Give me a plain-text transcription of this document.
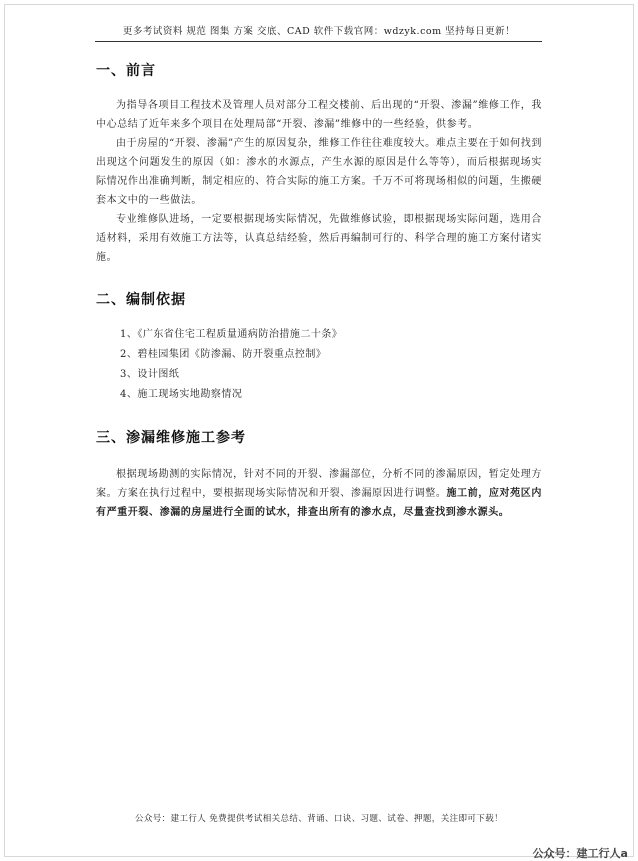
更多考试资料 规范 图集 方案 交底、CAD 软件下载官网：wdzyk.com 坚持每日更新！
一、前言

为指导各项目工程技术及管理人员对部分工程交楼前、后出现的“开裂、渗漏”维修工作，我中心总结了近年来多个项目在处理局部“开裂、渗漏”维修中的一些经验，供参考。

由于房屋的“开裂、渗漏”产生的原因复杂，维修工作往往难度较大。难点主要在于如何找到出现这个问题发生的原因（如：渗水的水源点，产生水源的原因是什么等等），而后根据现场实际情况作出准确判断，制定相应的、符合实际的施工方案。千万不可将现场相似的问题，生搬硬套本文中的一些做法。

专业维修队进场，一定要根据现场实际情况，先做维修试验，即根据现场实际问题，选用合适材料，采用有效施工方法等，认真总结经验，然后再编制可行的、科学合理的施工方案付诸实施。

二、编制依据
1、《广东省住宅工程质量通病防治措施二十条》
2、碧桂园集团《防渗漏、防开裂重点控制》
3、设计图纸
4、施工现场实地勘察情况
三、渗漏维修施工参考

根据现场勘测的实际情况，针对不同的开裂、渗漏部位，分析不同的渗漏原因，暂定处理方案。方案在执行过程中，要根据现场实际情况和开裂、渗漏原因进行调整。施工前，应对苑区内有严重开裂、渗漏的房屋进行全面的试水，排查出所有的渗水点，尽量查找到渗水源头。

公众号：建工行人 免费提供考试相关总结、背诵、口诀、习题、试卷、押题，关注即可下载！
公众号：建工行人a
